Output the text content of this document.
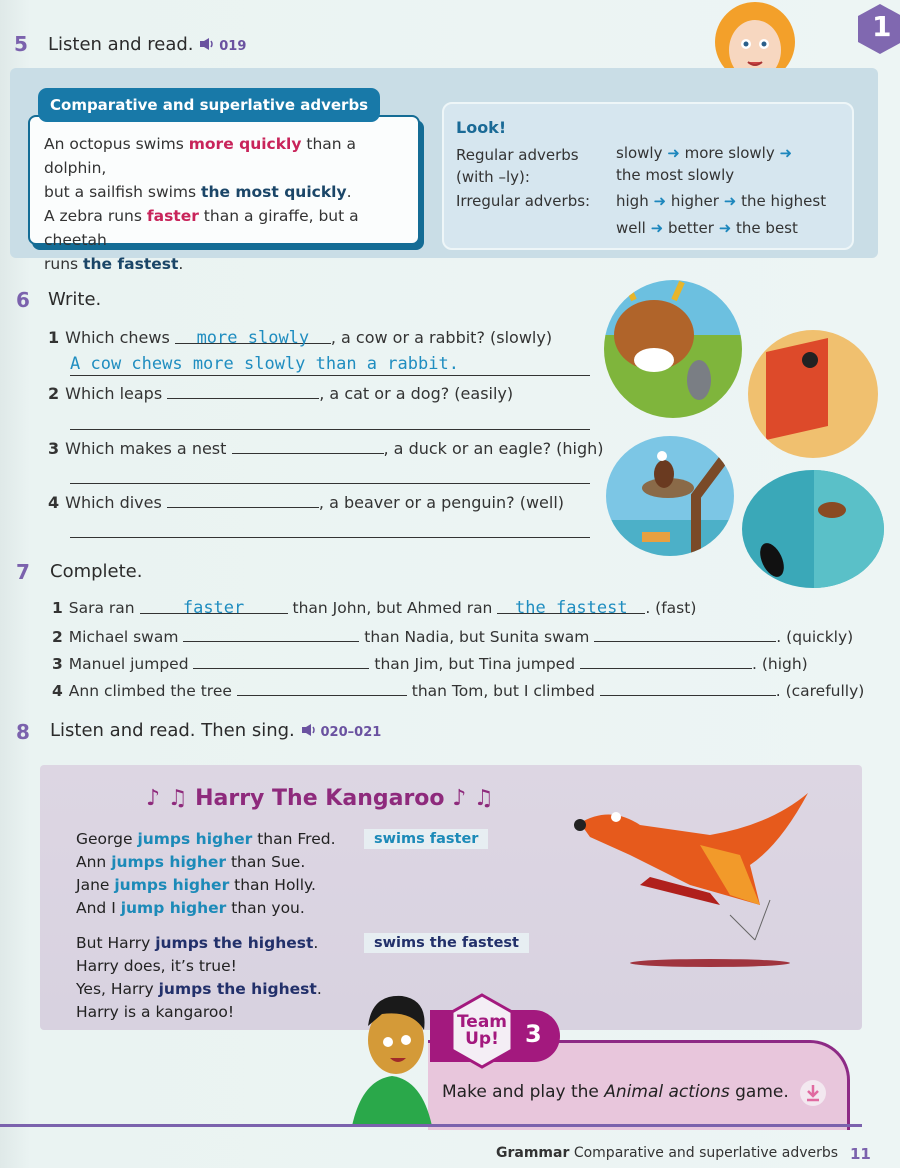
1
5 Listen and read. 019
Comparative and superlative adverbs
An octopus swims more quickly than a dolphin,
but a sailfish swims the most quickly.
A zebra runs faster than a giraffe, but a cheetah
runs the fastest.
Look!
Regular adverbs
(with –ly):
slowly ➜ more slowly ➜
the most slowly
Irregular adverbs: high ➜ higher ➜ the highest
well ➜ better ➜ the best
6 Write.
1 Which chews more slowly , a cow or a rabbit? (slowly)
A cow chews more slowly than a rabbit.
2 Which leaps	, a cat or a dog? (easily)
3 Which makes a nest	, a duck or an eagle? (high)
4 Which dives	, a beaver or a penguin? (well)
7 Complete.
1 Sara ran	faster	than John, but Ahmed ran the fastest . (fast)
2 Michael swam	than Nadia, but Sunita swam	. (quickly)
3 Manuel jumped	than Jim, but Tina jumped	. (high)
4 Ann climbed the tree	than Tom, but I climbed	. (carefully)
8 Listen and read. Then sing. 020–021
♪ ♫ Harry The Kangaroo ♪ ♫
George jumps higher than Fred.
Ann jumps higher than Sue.
Jane jumps higher than Holly.
And I jump higher than you.
But Harry jumps the highest.
Harry does, it’s true!
Yes, Harry jumps the highest.
Harry is a kangaroo!
swims faster
swims the fastest
Team
Up!	3
Make and play the Animal actions game.
Grammar Comparative and superlative adverbs 11
